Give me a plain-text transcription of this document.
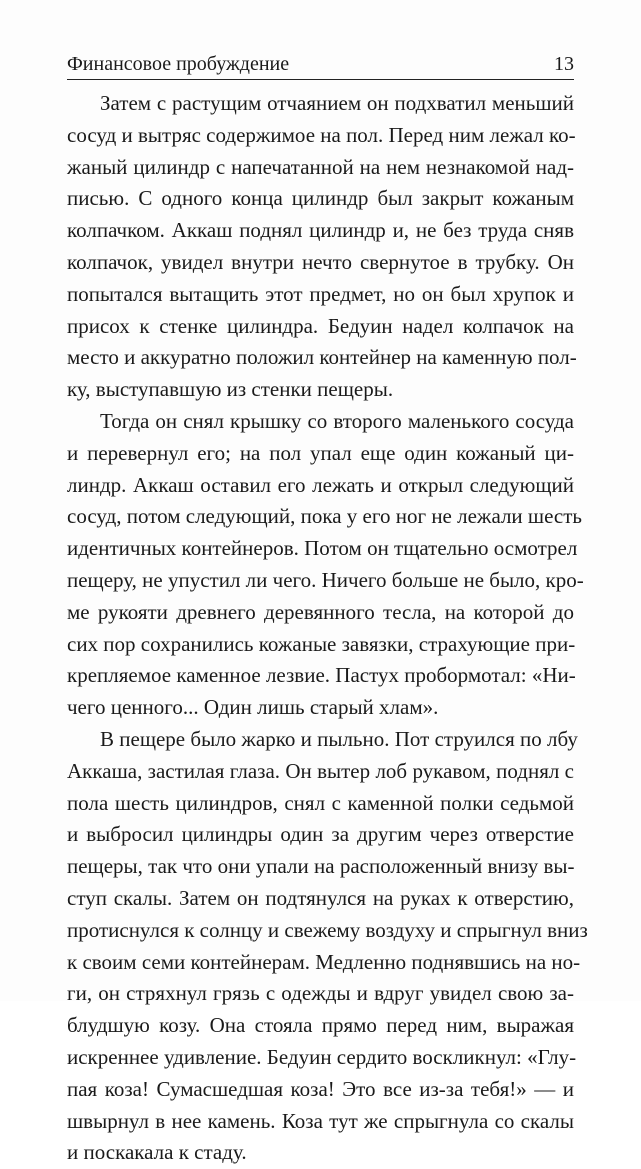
Финансовое пробуждение	13
Затем с растущим отчаянием он подхватил меньший
сосуд и вытряс содержимое на пол. Перед ним лежал ко-
жаный цилиндр с напечатанной на нем незнакомой над-
писью. С одного конца цилиндр был закрыт кожаным
колпачком. Аккаш поднял цилиндр и, не без труда сняв
колпачок, увидел внутри нечто свернутое в трубку. Он
попытался вытащить этот предмет, но он был хрупок и
присох к стенке цилиндра. Бедуин надел колпачок на
место и аккуратно положил контейнер на каменную пол-
ку, выступавшую из стенки пещеры.
Тогда он снял крышку со второго маленького сосуда
и перевернул его; на пол упал еще один кожаный ци-
линдр. Аккаш оставил его лежать и открыл следующий
сосуд, потом следующий, пока у его ног не лежали шесть
идентичных контейнеров. Потом он тщательно осмотрел
пещеру, не упустил ли чего. Ничего больше не было, кро-
ме рукояти древнего деревянного тесла, на которой до
сих пор сохранились кожаные завязки, страхующие при-
крепляемое каменное лезвие. Пастух пробормотал: «Ни-
чего ценного... Один лишь старый хлам».
В пещере было жарко и пыльно. Пот струился по лбу
Аккаша, застилая глаза. Он вытер лоб рукавом, поднял с
пола шесть цилиндров, снял с каменной полки седьмой
и выбросил цилиндры один за другим через отверстие
пещеры, так что они упали на расположенный внизу вы-
ступ скалы. Затем он подтянулся на руках к отверстию,
протиснулся к солнцу и свежему воздуху и спрыгнул вниз
к своим семи контейнерам. Медленно поднявшись на но-
ги, он стряхнул грязь с одежды и вдруг увидел свою за-
блудшую козу. Она стояла прямо перед ним, выражая
искреннее удивление. Бедуин сердито воскликнул: «Глу-
пая коза! Сумасшедшая коза! Это все из-за тебя!» — и
швырнул в нее камень. Коза тут же спрыгнула со скалы
и поскакала к стаду.
